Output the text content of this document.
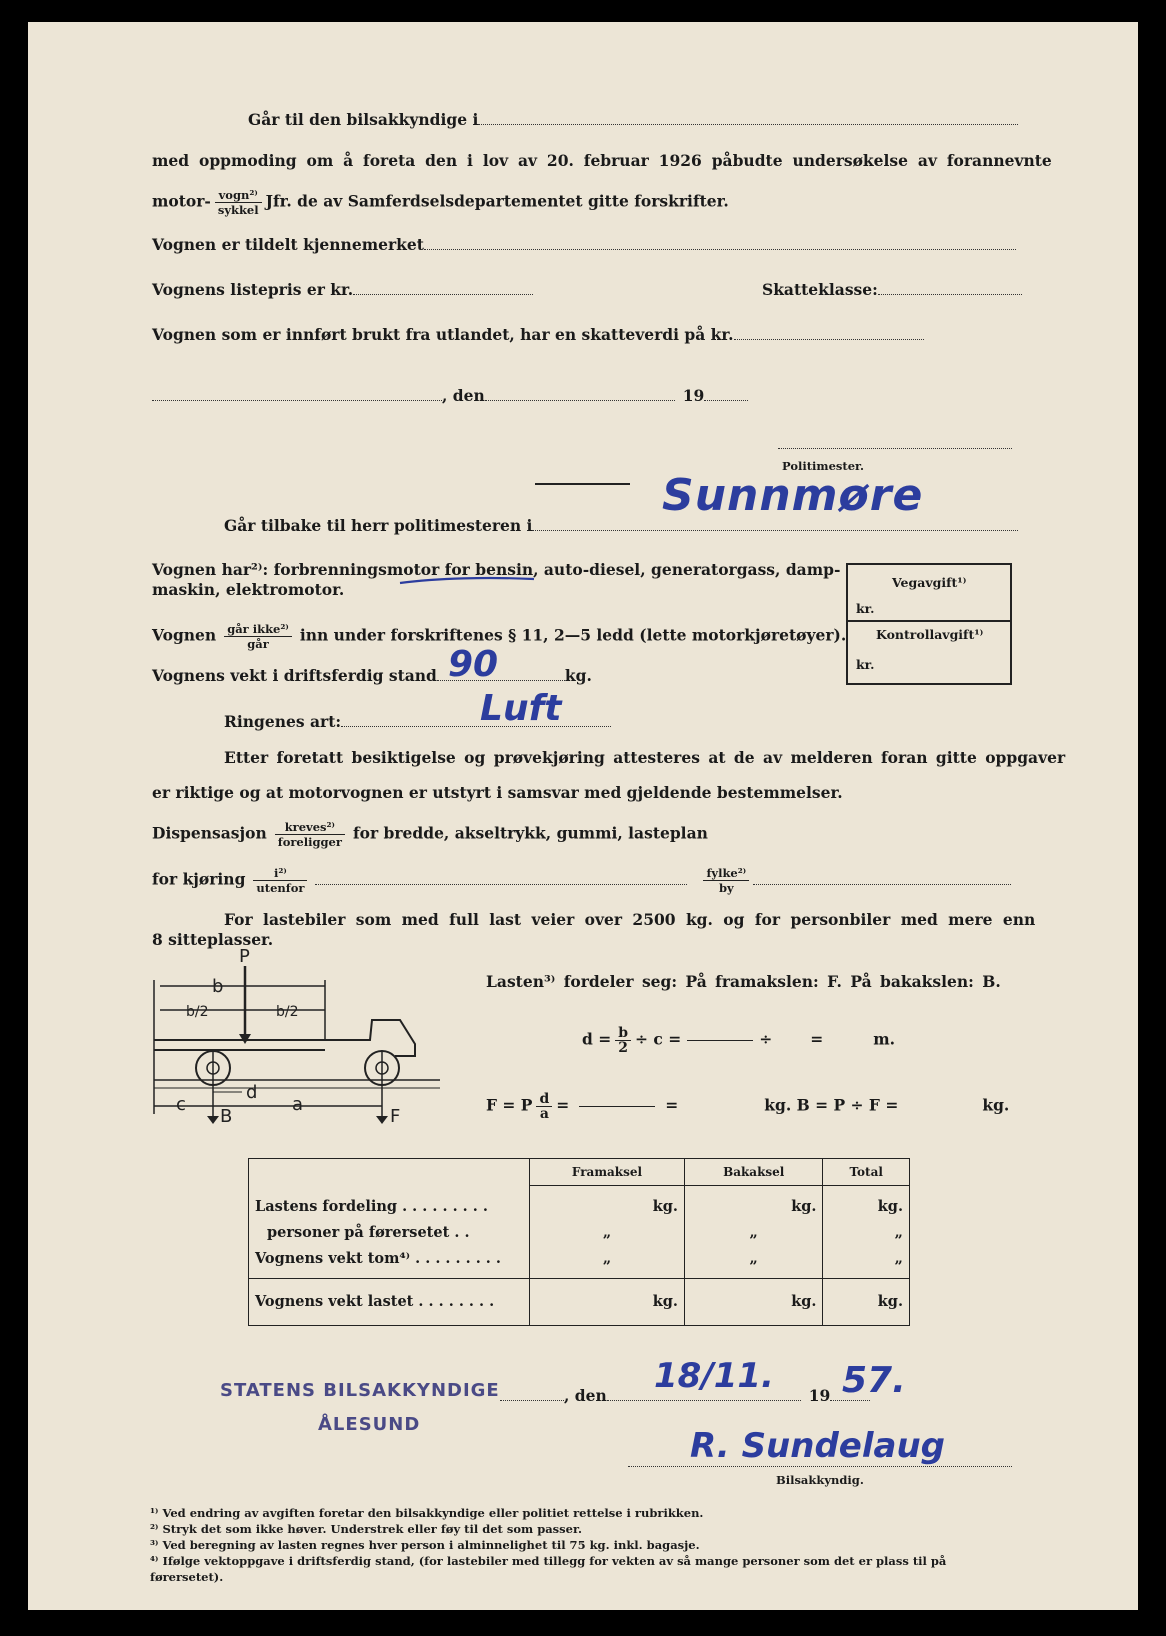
Går til den bilsakkyndige i
med oppmoding om å foreta den i lov av 20. februar 1926 påbudte undersøkelse av forannevnte
motor- $\frac{\text{vogn²⁾}}{\text{sykkel}}$ Jfr. de av Samferdselsdepartementet gitte forskrifter.
Vognen er tildelt kjennemerket
Vognens listepris er kr.	Skatteklasse:
Vognen som er innført brukt fra utlandet, har en skatteverdi på kr.
, den	19
Politimester.
Går tilbake til herr politimesteren i
Sunnmøre
Vognen har²⁾: forbrenningsmotor for bensin, auto-diesel, generatorgass, damp-
maskin, elektromotor.
Vognen $\frac{\text{går ikke²⁾}}{\text{går}}$ inn under forskriftenes § 11, 2—5 ledd (lette motorkjøretøyer).
Vognens vekt i driftsferdig stand	kg.
90
Ringenes art:	Luft
Vegavgift¹⁾
kr.
Kontrollavgift¹⁾
kr.
Etter foretatt besiktigelse og prøvekjøring attesteres at de av melderen foran gitte oppgaver
er riktige og at motorvognen er utstyrt i samsvar med gjeldende bestemmelser.
Dispensasjon $\frac{\text{kreves²⁾}}{\text{foreligger}}$ for bredde, akseltrykk, gummi, lasteplan
for kjøring $\frac{\text{i²⁾}}{\text{utenfor}}$	$\frac{\text{fylke²⁾}}{by}$
For lastebiler som med full last veier over 2500 kg. og for personbiler med mere enn
8 sitteplasser.
P
b
b/2	b/2
c
d
a
B	F
Lasten³⁾ fordeler seg: På framakslen: F. På bakakslen: B.
$d = \frac{b}{2} \div c$ =	÷ =	m.
F = P $\frac{d}{a}$ =	=	kg. B = P ÷ F =	kg.
	Framaksel	Bakaksel	Total
Lastens fordeling . . . . . . . . .	kg.	kg.	kg.
personer på førersetet . .	„	„	„
Vognens vekt tom⁴⁾ . . . . . . . . .	„	„	„
Vognens vekt lastet . . . . . . . .	kg.	kg.	kg.
STATENS BILSAKKYNDIGE
ÅLESUND
, den	19
18/11. 57.
R. Sundelaug
Bilsakkyndig.
¹⁾ Ved endring av avgiften foretar den bilsakkyndige eller politiet rettelse i rubrikken.
²⁾ Stryk det som ikke høver. Understrek eller føy til det som passer.
³⁾ Ved beregning av lasten regnes hver person i alminnelighet til 75 kg. inkl. bagasje.
⁴⁾ Ifølge vektoppgave i driftsferdig stand, (for lastebiler med tillegg for vekten av så mange personer som det er plass til på
førersetet).
